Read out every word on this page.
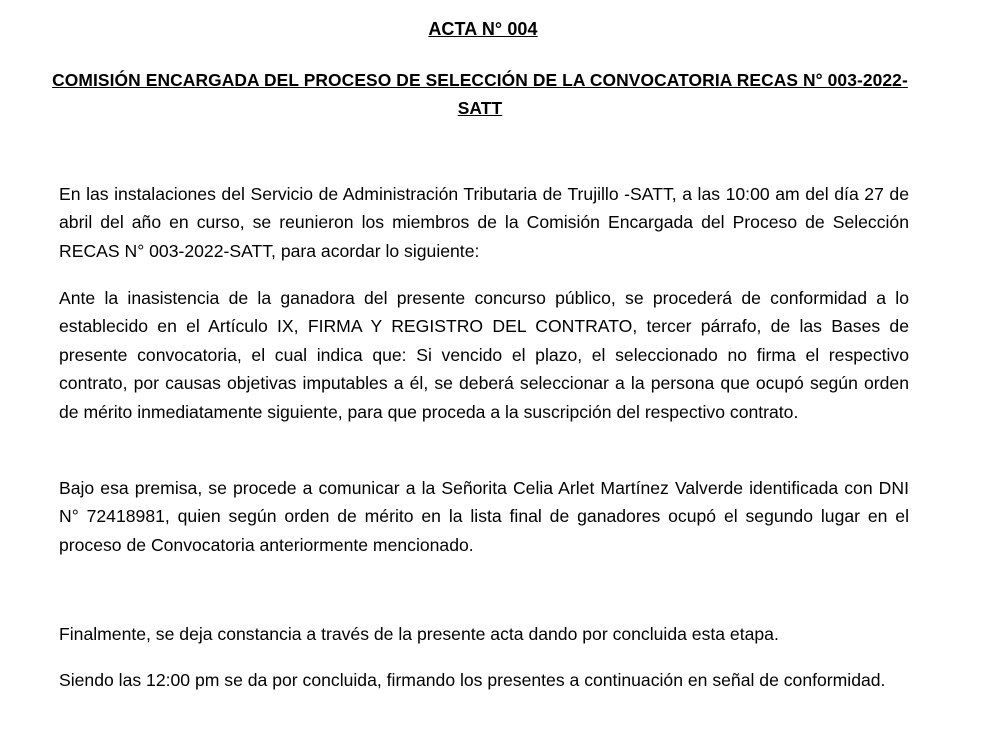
ACTA N° 004
COMISIÓN ENCARGADA DEL PROCESO DE SELECCIÓN DE LA CONVOCATORIA RECAS N° 003-2022-SATT

En las instalaciones del Servicio de Administración Tributaria de Trujillo -SATT, a las 10:00 am del día 27 de abril del año en curso, se reunieron los miembros de la Comisión Encargada del Proceso de Selección RECAS N° 003-2022-SATT, para acordar lo siguiente:

Ante la inasistencia de la ganadora del presente concurso público, se procederá de conformidad a lo establecido en el Artículo IX, FIRMA Y REGISTRO DEL CONTRATO, tercer párrafo, de las Bases de presente convocatoria, el cual indica que: Si vencido el plazo, el seleccionado no firma el respectivo contrato, por causas objetivas imputables a él, se deberá seleccionar a la persona que ocupó según orden de mérito inmediatamente siguiente, para que proceda a la suscripción del respectivo contrato.

Bajo esa premisa, se procede a comunicar a la Señorita Celia Arlet Martínez Valverde identificada con DNI N° 72418981, quien según orden de mérito en la lista final de ganadores ocupó el segundo lugar en el proceso de Convocatoria anteriormente mencionado.

Finalmente, se deja constancia a través de la presente acta dando por concluida esta etapa.

Siendo las 12:00 pm se da por concluida, firmando los presentes a continuación en señal de conformidad.
